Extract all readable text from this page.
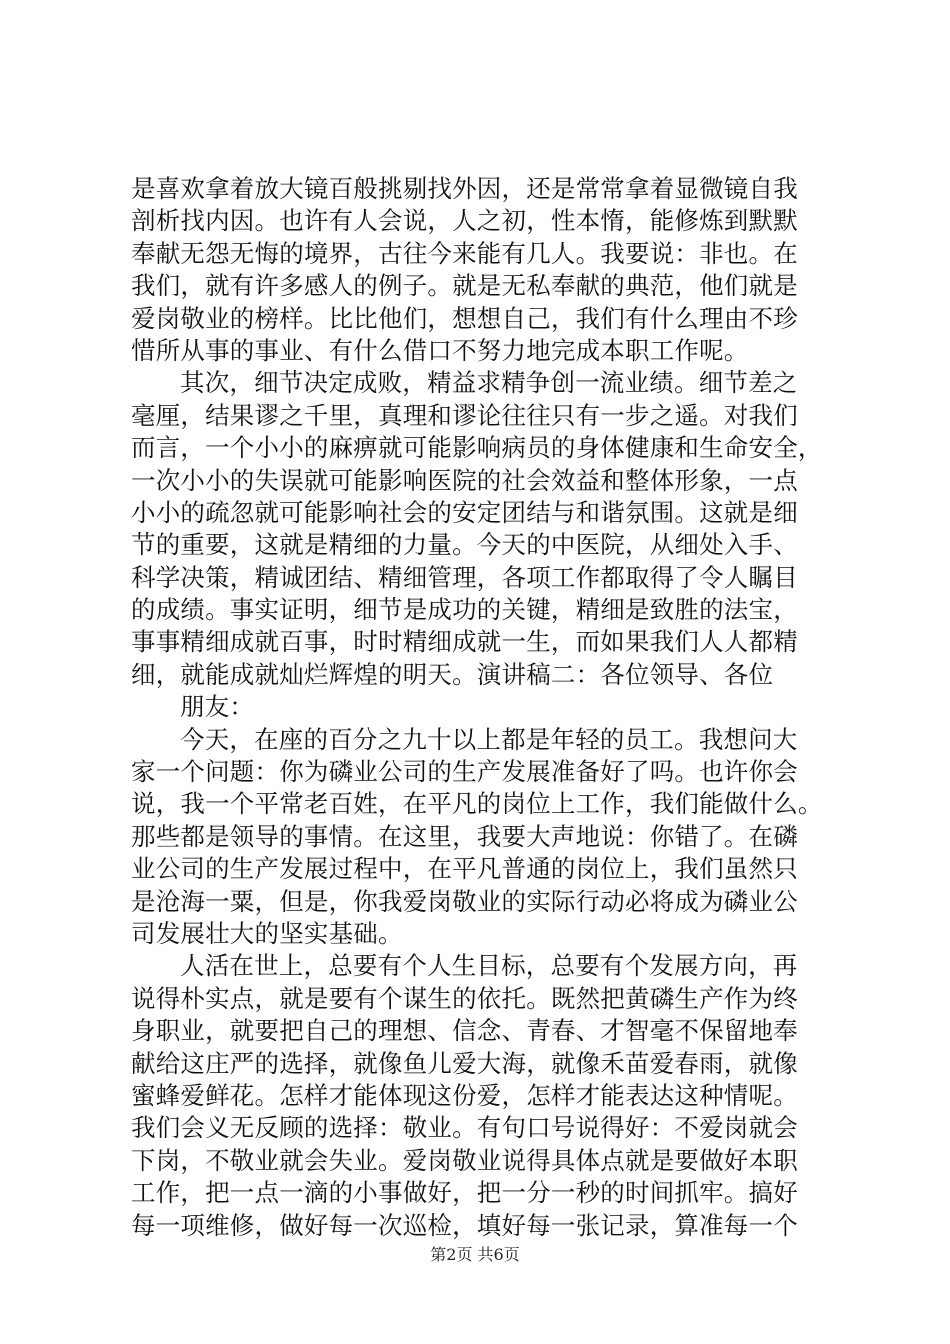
是喜欢拿着放大镜百般挑剔找外因，还是常常拿着显微镜自我
剖析找内因。也许有人会说，人之初，性本惰，能修炼到默默
奉献无怨无悔的境界，古往今来能有几人。我要说：非也。在
我们，就有许多感人的例子。就是无私奉献的典范，他们就是
爱岗敬业的榜样。比比他们，想想自己，我们有什么理由不珍
惜所从事的事业、有什么借口不努力地完成本职工作呢。
其次，细节决定成败，精益求精争创一流业绩。细节差之
毫厘，结果谬之千里，真理和谬论往往只有一步之遥。对我们
而言，一个小小的麻痹就可能影响病员的身体健康和生命安全，
一次小小的失误就可能影响医院的社会效益和整体形象，一点
小小的疏忽就可能影响社会的安定团结与和谐氛围。这就是细
节的重要，这就是精细的力量。今天的中医院，从细处入手、
科学决策，精诚团结、精细管理，各项工作都取得了令人瞩目
的成绩。事实证明，细节是成功的关键，精细是致胜的法宝，
事事精细成就百事，时时精细成就一生，而如果我们人人都精
细，就能成就灿烂辉煌的明天。演讲稿二：各位领导、各位
朋友：
今天，在座的百分之九十以上都是年轻的员工。我想问大
家一个问题：你为磷业公司的生产发展准备好了吗。也许你会
说，我一个平常老百姓，在平凡的岗位上工作，我们能做什么。
那些都是领导的事情。在这里，我要大声地说：你错了。在磷
业公司的生产发展过程中，在平凡普通的岗位上，我们虽然只
是沧海一粟，但是，你我爱岗敬业的实际行动必将成为磷业公
司发展壮大的坚实基础。
人活在世上，总要有个人生目标，总要有个发展方向，再
说得朴实点，就是要有个谋生的依托。既然把黄磷生产作为终
身职业，就要把自己的理想、信念、青春、才智毫不保留地奉
献给这庄严的选择，就像鱼儿爱大海，就像禾苗爱春雨，就像
蜜蜂爱鲜花。怎样才能体现这份爱，怎样才能表达这种情呢。
我们会义无反顾的选择：敬业。有句口号说得好：不爱岗就会
下岗，不敬业就会失业。爱岗敬业说得具体点就是要做好本职
工作，把一点一滴的小事做好，把一分一秒的时间抓牢。搞好
每一项维修，做好每一次巡检，填好每一张记录，算准每一个
第2页 共6页
